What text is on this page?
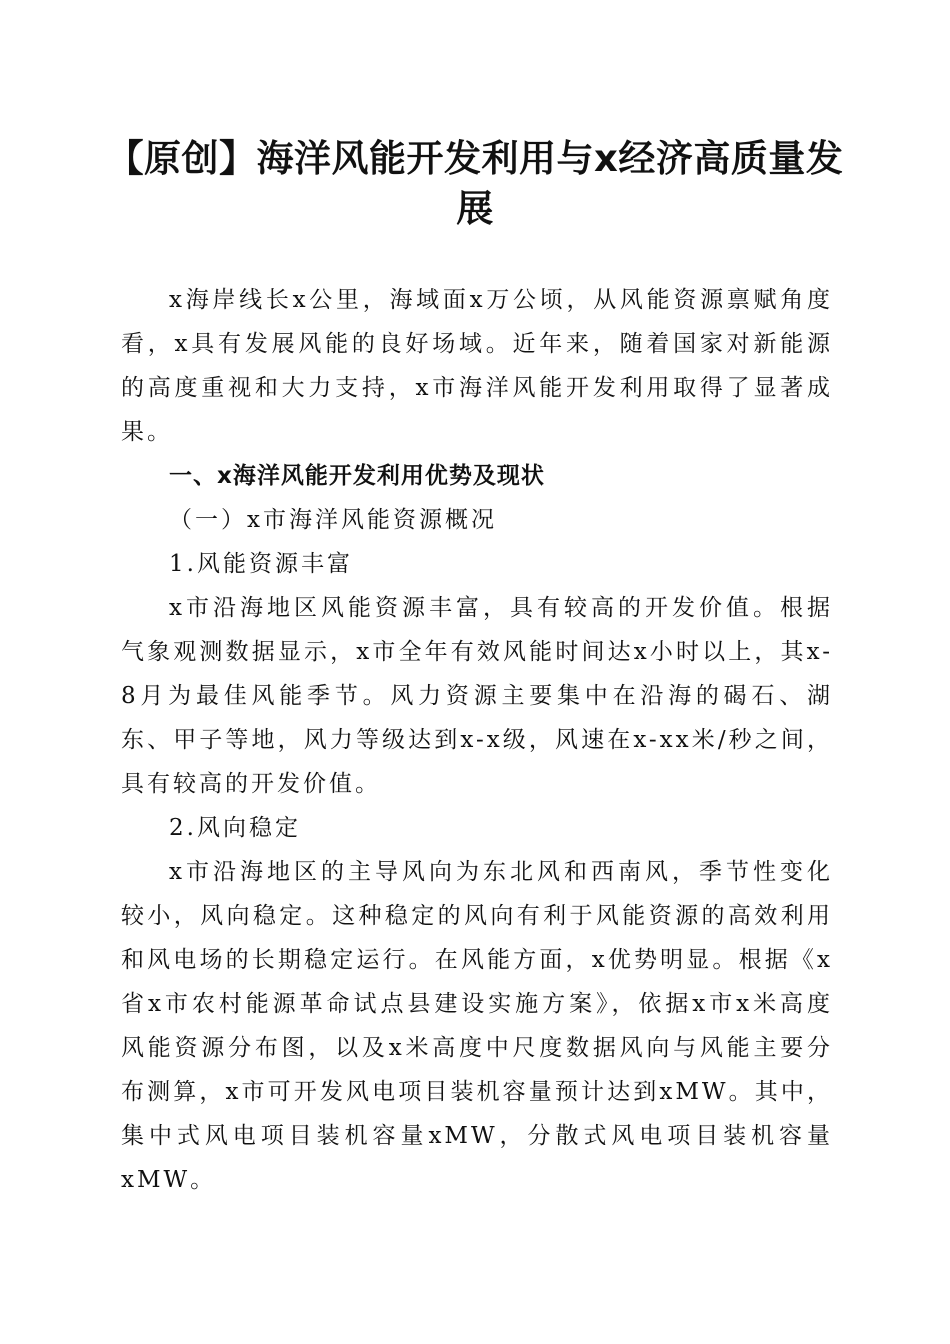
【原创】海洋风能开发利用与x经济高质量发展

x海岸线长x公里，海域面x万公顷，从风能资源禀赋角度看，x具有发展风能的良好场域。近年来，随着国家对新能源的高度重视和大力支持，x市海洋风能开发利用取得了显著成果。

一、x海洋风能开发利用优势及现状

（一）x市海洋风能资源概况

1.风能资源丰富

x市沿海地区风能资源丰富，具有较高的开发价值。根据气象观测数据显示，x市全年有效风能时间达x小时以上，其x-8月为最佳风能季节。风力资源主要集中在沿海的碣石、湖东、甲子等地，风力等级达到x-x级，风速在x-xx米/秒之间，具有较高的开发价值。

2.风向稳定

x市沿海地区的主导风向为东北风和西南风，季节性变化较小，风向稳定。这种稳定的风向有利于风能资源的高效利用和风电场的长期稳定运行。在风能方面，x优势明显。根据《x省x市农村能源革命试点县建设实施方案》，依据x市x米高度风能资源分布图，以及x米高度中尺度数据风向与风能主要分布测算，x市可开发风电项目装机容量预计达到xMW。其中，集中式风电项目装机容量xMW，分散式风电项目装机容量xMW。
